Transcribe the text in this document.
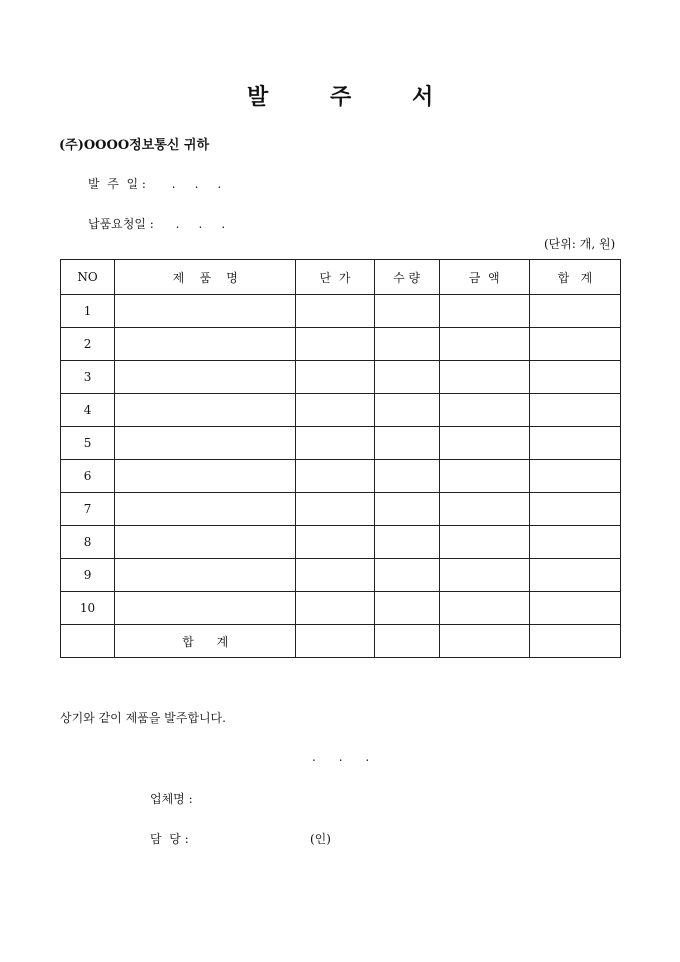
발	주	서
(주)OOOO정보통신 귀하
발  주  일 : .     .     .
납품요청일 : .     .     .
(단위: 개, 원)
NO	제    품    명	단  가	수 량	금  액	합   계
1					
2					
3					
4					
5					
6					
7					
8					
9					
10					
	합      계				
상기와 같이 제품을 발주합니다.
.      .      .
업체명 :
담  당 :	(인)
